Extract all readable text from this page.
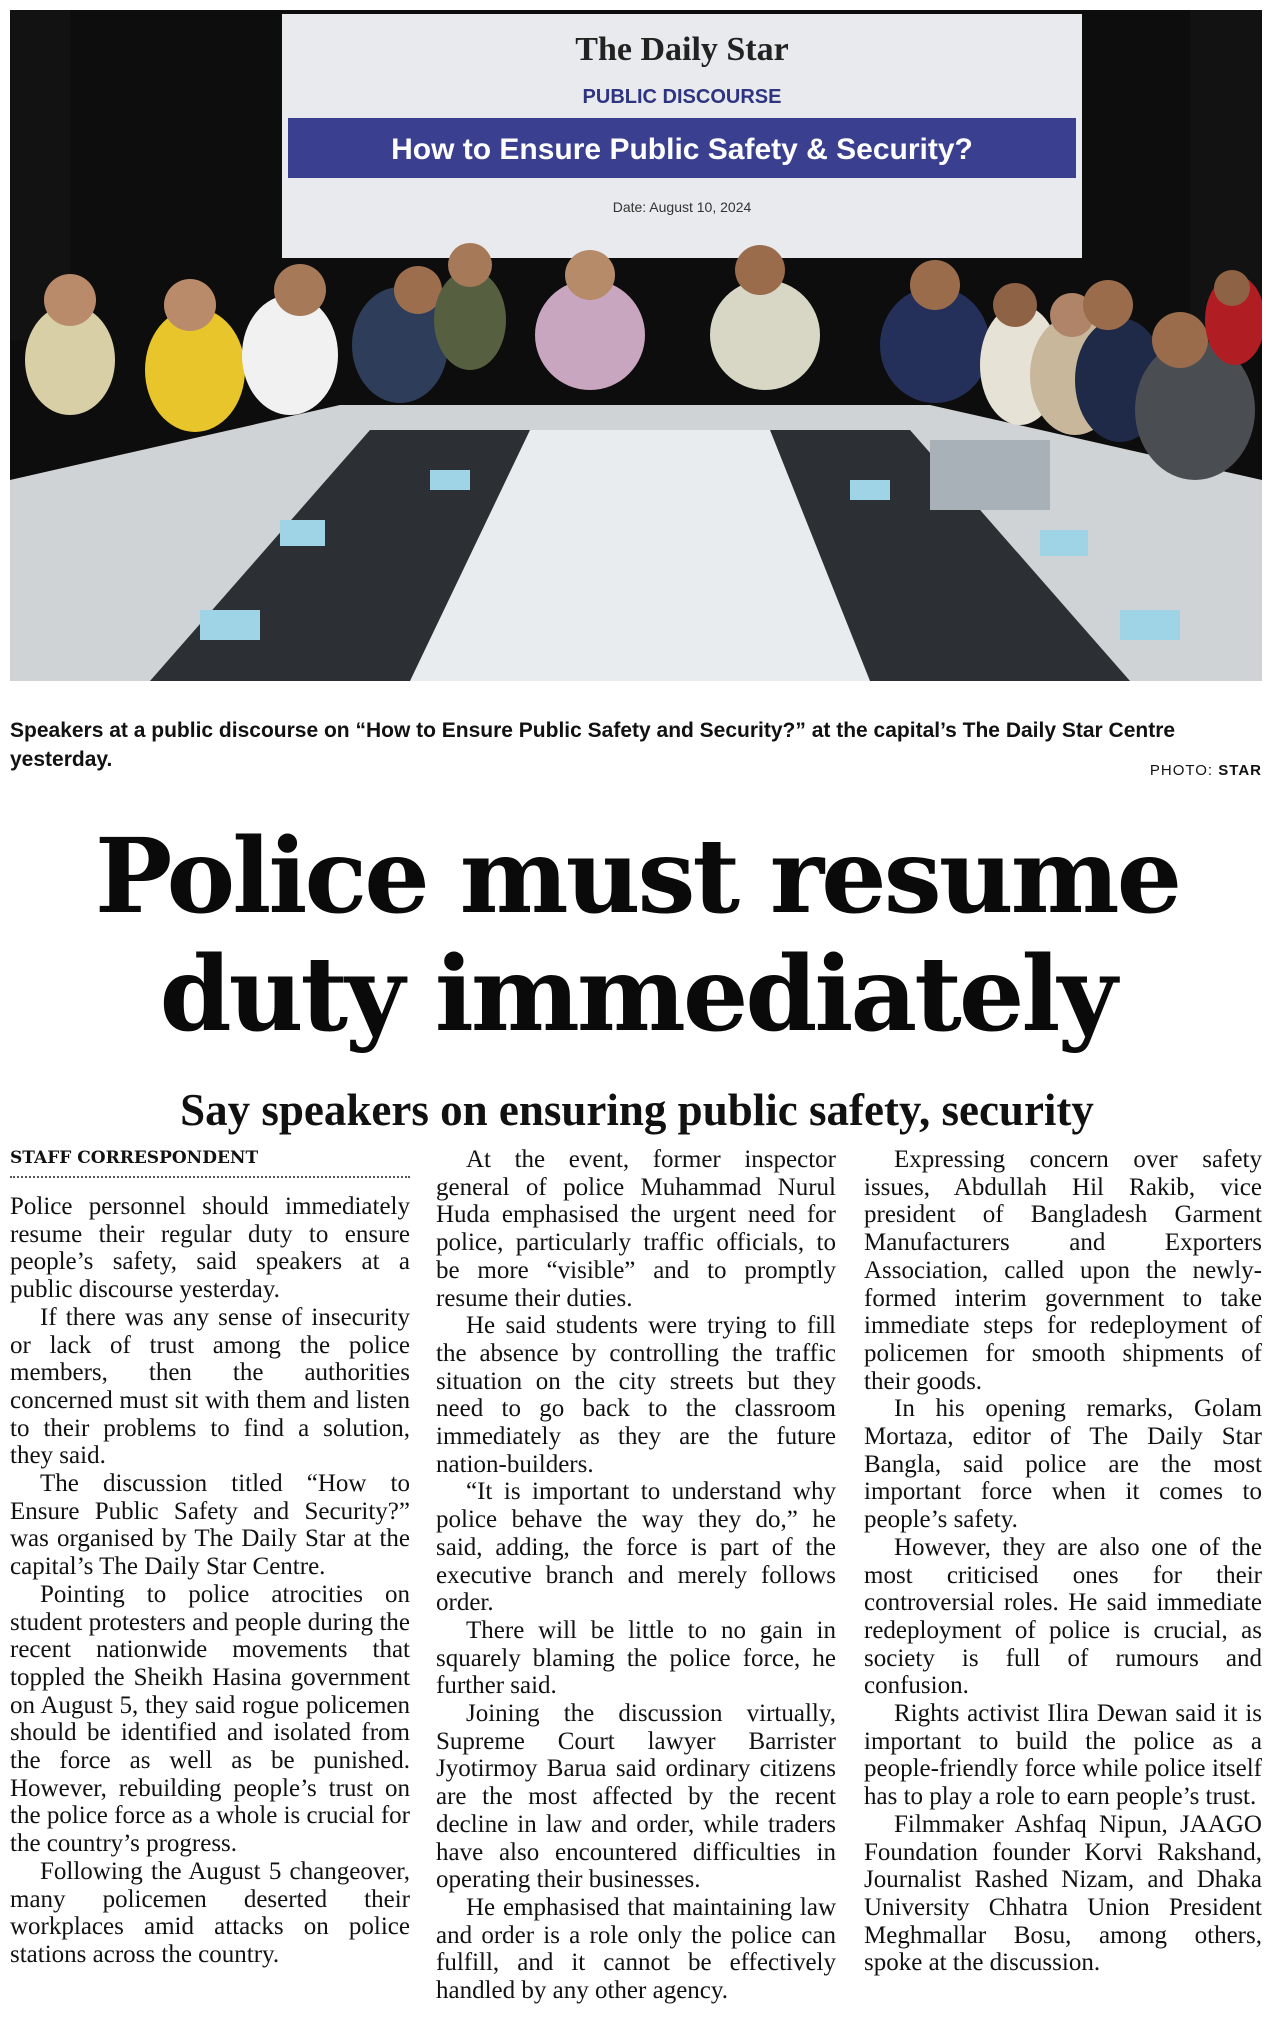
The Daily Star
PUBLIC DISCOURSE
How to Ensure Public Safety & Security?
Date: August 10, 2024
Speakers at a public discourse on “How to Ensure Public Safety and Security?” at the capital’s The Daily Star Centre yesterday.	PHOTO: STAR
Police must resume duty immediately
Say speakers on ensuring public safety, security
STAFF CORRESPONDENT

Police personnel should immediately resume their regular duty to ensure people’s safety, said speakers at a public discourse yesterday.

If there was any sense of insecurity or lack of trust among the police members, then the authorities concerned must sit with them and listen to their problems to find a solution, they said.

The discussion titled “How to Ensure Public Safety and Security?” was organised by The Daily Star at the capital’s The Daily Star Centre.

Pointing to police atrocities on student protesters and people during the recent nationwide movements that toppled the Sheikh Hasina government on August 5, they said rogue policemen should be identified and isolated from the force as well as be punished. However, rebuilding people’s trust on the police force as a whole is crucial for the country’s progress.

Following the August 5 changeover, many policemen deserted their workplaces amid attacks on police stations across the country.

At the event, former inspector general of police Muhammad Nurul Huda emphasised the urgent need for police, particularly traffic officials, to be more “visible” and to promptly resume their duties.

He said students were trying to fill the absence by controlling the traffic situation on the city streets but they need to go back to the classroom immediately as they are the future nation-builders.

“It is important to understand why police behave the way they do,” he said, adding, the force is part of the executive branch and merely follows order.

There will be little to no gain in squarely blaming the police force, he further said.

Joining the discussion virtually, Supreme Court lawyer Barrister Jyotirmoy Barua said ordinary citizens are the most affected by the recent decline in law and order, while traders have also encountered difficulties in operating their businesses.

He emphasised that maintaining law and order is a role only the police can fulfill, and it cannot be effectively handled by any other agency.

Expressing concern over safety issues, Abdullah Hil Rakib, vice president of Bangladesh Garment Manufacturers and Exporters Association, called upon the newly-formed interim government to take immediate steps for redeployment of policemen for smooth shipments of their goods.

In his opening remarks, Golam Mortaza, editor of The Daily Star Bangla, said police are the most important force when it comes to people’s safety.

However, they are also one of the most criticised ones for their controversial roles. He said immediate redeployment of police is crucial, as society is full of rumours and confusion.

Rights activist Ilira Dewan said it is important to build the police as a people-friendly force while police itself has to play a role to earn people’s trust.

Filmmaker Ashfaq Nipun, JAAGO Foundation founder Korvi Rakshand, Journalist Rashed Nizam, and Dhaka University Chhatra Union President Meghmallar Bosu, among others, spoke at the discussion.
